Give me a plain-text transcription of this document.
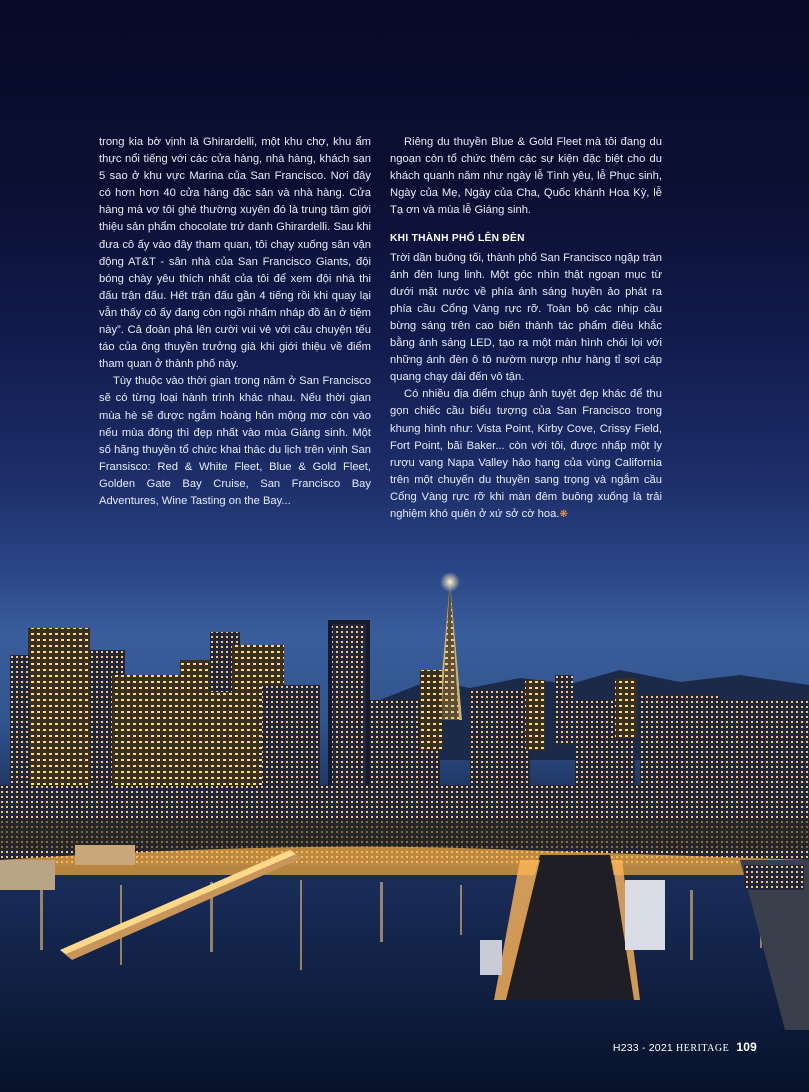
trong kia bờ vịnh là Ghirardelli, một khu chợ, khu ẩm thực nổi tiếng với các cửa hàng, nhà hàng, khách sạn 5 sao ở khu vực Marina của San Francisco. Nơi đây có hơn hơn 40 cửa hàng đặc sản và nhà hàng. Cửa hàng mà vợ tôi ghé thường xuyên đó là trung tâm giới thiệu sản phẩm chocolate trứ danh Ghirardelli. Sau khi đưa cô ấy vào đây tham quan, tôi chạy xuống sân vận động AT&T - sân nhà của San Francisco Giants, đội bóng chày yêu thích nhất của tôi để xem đội nhà thi đấu trận đấu. Hết trận đấu gần 4 tiếng rồi khi quay lại vẫn thấy cô ấy đang còn ngồi nhấm nháp đồ ăn ở tiệm này”. Cả đoàn phá lên cười vui vẻ với câu chuyện tếu táo của ông thuyền trưởng già khi giới thiệu về điểm tham quan ở thành phố này.

Tùy thuộc vào thời gian trong năm ở San Francisco sẽ có từng loại hành trình khác nhau. Nếu thời gian mùa hè sẽ được ngắm hoàng hôn mộng mơ còn vào nếu mùa đông thì đẹp nhất vào mùa Giáng sinh. Một số hãng thuyền tổ chức khai thác du lịch trên vịnh San Fransisco: Red & White Fleet, Blue & Gold Fleet, Golden Gate Bay Cruise, San Francisco Bay Adventures, Wine Tasting on the Bay...

Riêng du thuyền Blue & Gold Fleet mà tôi đang du ngoạn còn tổ chức thêm các sự kiện đặc biệt cho du khách quanh năm như ngày lễ Tình yêu, lễ Phục sinh, Ngày của Mẹ, Ngày của Cha, Quốc khánh Hoa Kỳ, lễ Tạ ơn và mùa lễ Giáng sinh.

KHI THÀNH PHỐ LÊN ĐÈN

Trời dần buông tối, thành phố San Francisco ngập tràn ánh đèn lung linh. Một góc nhìn thật ngoạn mục từ dưới mặt nước về phía ánh sáng huyền ảo phát ra phía cầu Cổng Vàng rực rỡ. Toàn bộ các nhịp cầu bừng sáng trên cao biến thành tác phẩm điêu khắc bằng ánh sáng LED, tạo ra một màn hình chói lọi với những ánh đèn ô tô nườm nượp như hàng tỉ sợi cáp quang chạy dài đến vô tận.

Có nhiều địa điểm chụp ảnh tuyệt đẹp khác để thu gọn chiếc cầu biểu tượng của San Francisco trong khung hình như: Vista Point, Kirby Cove, Crissy Field, Fort Point, bãi Baker... còn với tôi, được nhấp một ly rượu vang Napa Valley hảo hạng của vùng California trên một chuyến du thuyền sang trọng và ngắm cầu Cổng Vàng rực rỡ khi màn đêm buông xuống là trải nghiệm khó quên ở xứ sở cờ hoa.❋

H233 - 2021 HERITAGE 109
